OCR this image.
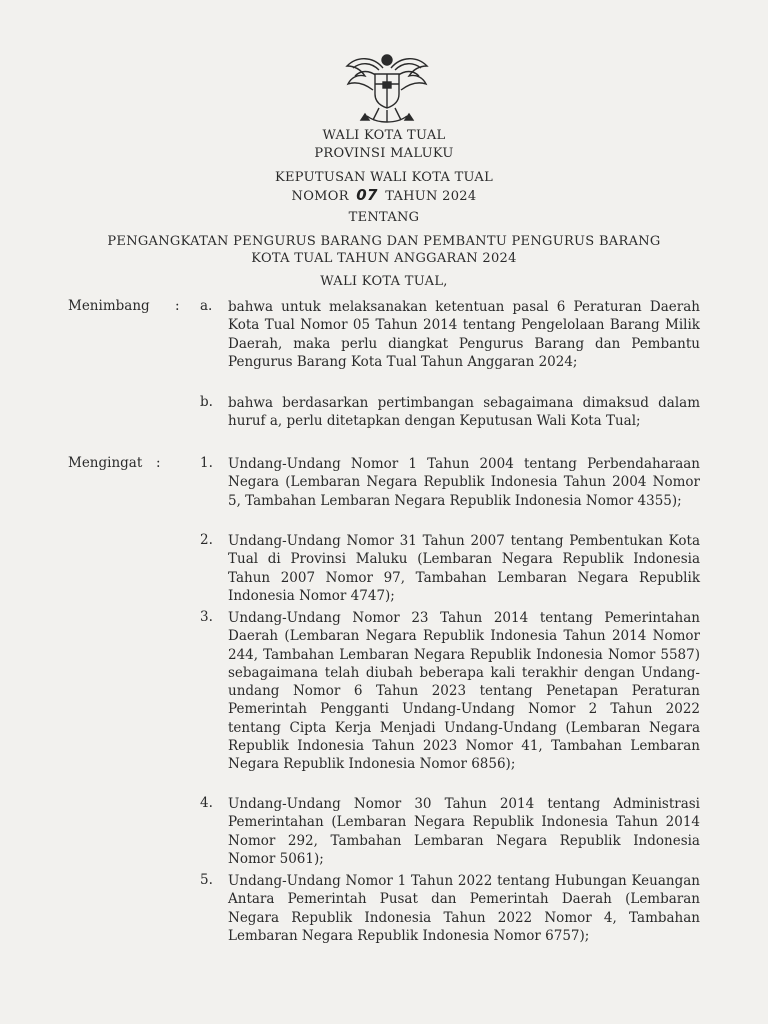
WALI KOTA TUAL
PROVINSI MALUKU
KEPUTUSAN WALI KOTA TUAL
NOMOR 07 TAHUN 2024
TENTANG
PENGANGKATAN PENGURUS BARANG DAN PEMBANTU PENGURUS BARANG
KOTA TUAL TAHUN ANGGARAN 2024
WALI KOTA TUAL,
Menimbang : a.	bahwa untuk melaksanakan ketentuan pasal 6 Peraturan Daerah Kota Tual Nomor 05 Tahun 2014 tentang Pengelolaan Barang Milik Daerah, maka perlu diangkat Pengurus Barang dan Pembantu Pengurus Barang Kota Tual Tahun Anggaran 2024;
b.	bahwa berdasarkan pertimbangan sebagaimana dimaksud dalam huruf a, perlu ditetapkan dengan Keputusan Wali Kota Tual;
Mengingat :	1.	Undang-Undang Nomor 1 Tahun 2004 tentang Perbendaharaan Negara (Lembaran Negara Republik Indonesia Tahun 2004 Nomor 5, Tambahan Lembaran Negara Republik Indonesia Nomor 4355);
2.	Undang-Undang Nomor 31 Tahun 2007 tentang Pembentukan Kota Tual di Provinsi Maluku (Lembaran Negara Republik Indonesia Tahun 2007 Nomor 97, Tambahan Lembaran Negara Republik Indonesia Nomor 4747);
3.	Undang-Undang Nomor 23 Tahun 2014 tentang Pemerintahan Daerah (Lembaran Negara Republik Indonesia Tahun 2014 Nomor 244, Tambahan Lembaran Negara Republik Indonesia Nomor 5587) sebagaimana telah diubah beberapa kali terakhir dengan Undang-undang Nomor 6 Tahun 2023 tentang Penetapan Peraturan Pemerintah Pengganti Undang-Undang Nomor 2 Tahun 2022 tentang Cipta Kerja Menjadi Undang-Undang (Lembaran Negara Republik Indonesia Tahun 2023 Nomor 41, Tambahan Lembaran Negara Republik Indonesia Nomor 6856);
4.	Undang-Undang Nomor 30 Tahun 2014 tentang Administrasi Pemerintahan (Lembaran Negara Republik Indonesia Tahun 2014 Nomor 292, Tambahan Lembaran Negara Republik Indonesia Nomor 5061);
5.	Undang-Undang Nomor 1 Tahun 2022 tentang Hubungan Keuangan Antara Pemerintah Pusat dan Pemerintah Daerah (Lembaran Negara Republik Indonesia Tahun 2022 Nomor 4, Tambahan Lembaran Negara Republik Indonesia Nomor 6757);
